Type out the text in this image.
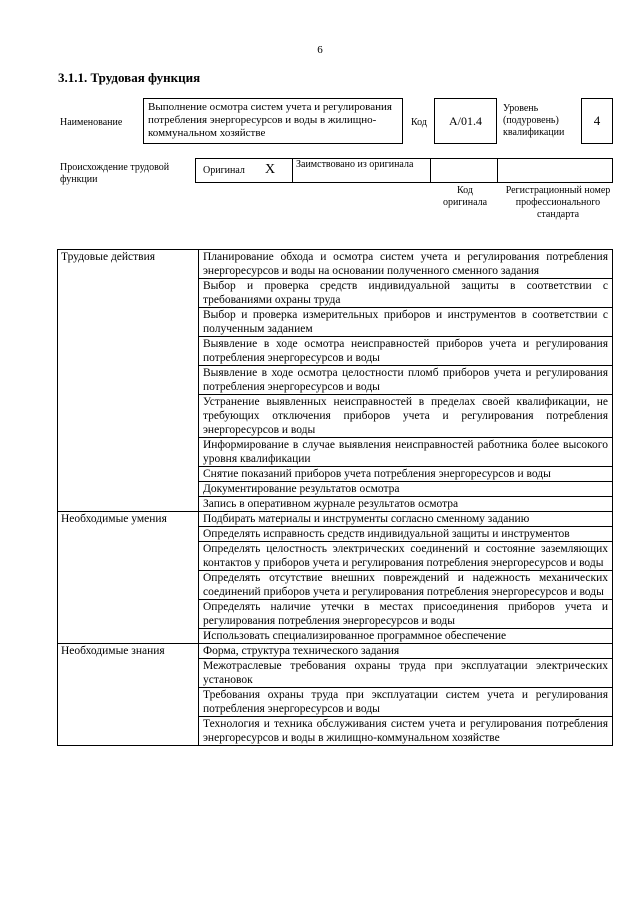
6
3.1.1. Трудовая функция
Наименование
Выполнение осмотра систем учета и регулирования потребления энергоресурсов и воды в жилищно-коммунальном хозяйстве
Код A/01.4
Уровень (подуровень) квалификации
4
Происхождение трудовой функции
Оригинал X Заимствовано из оригинала
Код оригинала
Регистрационный номер профессионального стандарта
Трудовые действия	Планирование обхода и осмотра систем учета и регулирования потребления энергоресурсов и воды на основании полученного сменного задания
	Выбор и проверка средств индивидуальной защиты в соответствии с требованиями охраны труда
	Выбор и проверка измерительных приборов и инструментов в соответствии с полученным заданием
	Выявление в ходе осмотра неисправностей приборов учета и регулирования потребления энергоресурсов и воды
	Выявление в ходе осмотра целостности пломб приборов учета и регулирования потребления энергоресурсов и воды
	Устранение выявленных неисправностей в пределах своей квалификации, не требующих отключения приборов учета и регулирования потребления энергоресурсов и воды
	Информирование в случае выявления неисправностей работника более высокого уровня квалификации
	Снятие показаний приборов учета потребления энергоресурсов и воды
	Документирование результатов осмотра
	Запись в оперативном журнале результатов осмотра
Необходимые умения	Подбирать материалы и инструменты согласно сменному заданию
	Определять исправность средств индивидуальной защиты и инструментов
	Определять целостность электрических соединений и состояние заземляющих контактов у приборов учета и регулирования потребления энергоресурсов и воды
	Определять отсутствие внешних повреждений и надежность механических соединений приборов учета и регулирования потребления энергоресурсов и воды
	Определять наличие утечки в местах присоединения приборов учета и регулирования потребления энергоресурсов и воды
	Использовать специализированное программное обеспечение
Необходимые знания	Форма, структура технического задания
	Межотраслевые требования охраны труда при эксплуатации электрических установок
	Требования охраны труда при эксплуатации систем учета и регулирования потребления энергоресурсов и воды
	Технология и техника обслуживания систем учета и регулирования потребления энергоресурсов и воды в жилищно-коммунальном хозяйстве
